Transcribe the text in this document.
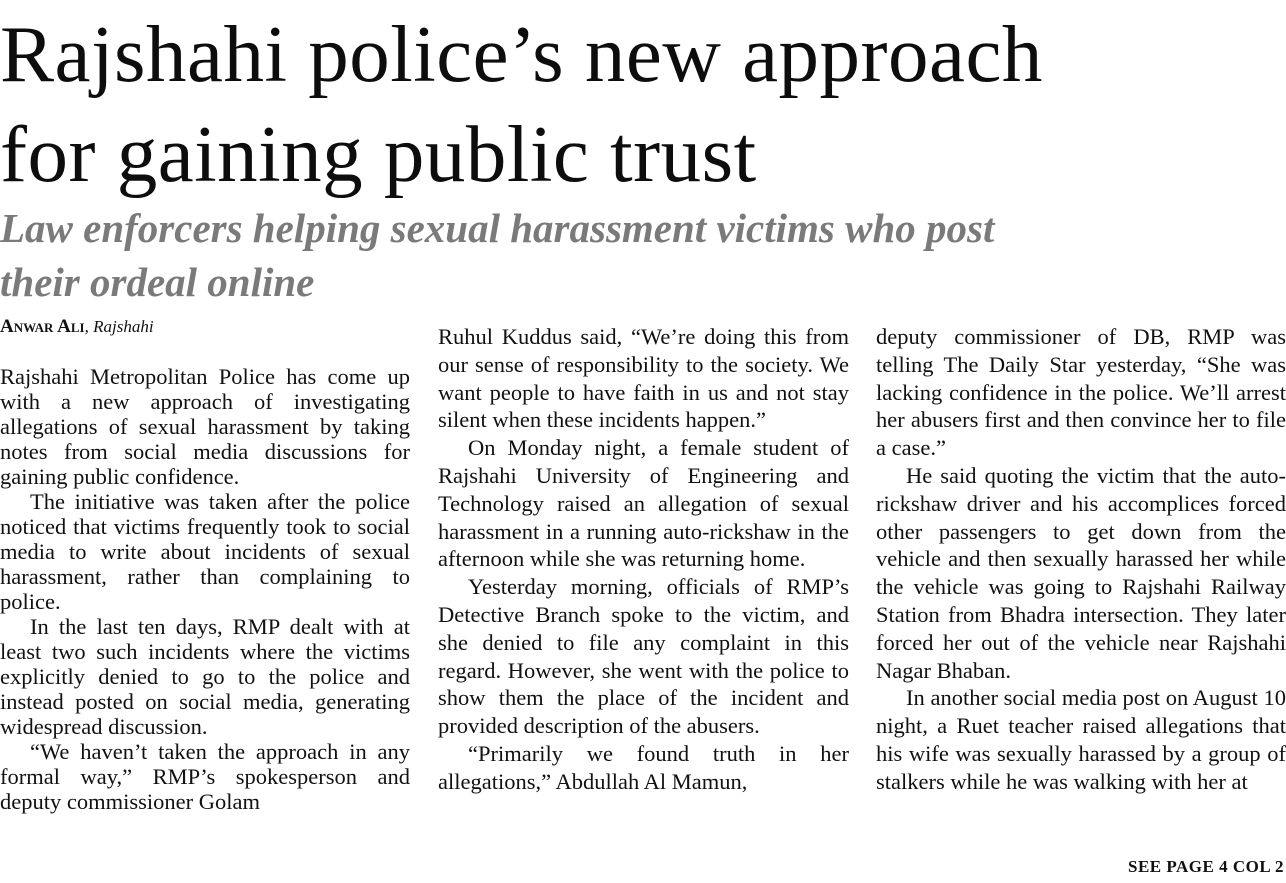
Rajshahi police’s new approach
for gaining public trust
Law enforcers helping sexual harassment victims who post
their ordeal online
Anwar Ali, Rajshahi

Rajshahi Metropolitan Police has come up with a new approach of investigating allegations of sexual harassment by taking notes from social media discussions for gaining public confidence.

The initiative was taken after the police noticed that victims frequently took to social media to write about incidents of sexual harassment, rather than complaining to police.

In the last ten days, RMP dealt with at least two such incidents where the victims explicitly denied to go to the police and instead posted on social media, generating widespread discussion.

“We haven’t taken the approach in any formal way,” RMP’s spokesperson and deputy commissioner Golam

Ruhul Kuddus said, “We’re doing this from our sense of responsibility to the society. We want people to have faith in us and not stay silent when these incidents happen.”

On Monday night, a female student of Rajshahi University of Engineering and Technology raised an allegation of sexual harassment in a running auto-rickshaw in the afternoon while she was returning home.

Yesterday morning, officials of RMP’s Detective Branch spoke to the victim, and she denied to file any complaint in this regard. However, she went with the police to show them the place of the incident and provided description of the abusers.

“Primarily we found truth in her allegations,” Abdullah Al Mamun,

deputy commissioner of DB, RMP was telling The Daily Star yesterday, “She was lacking confidence in the police. We’ll arrest her abusers first and then convince her to file a case.”

He said quoting the victim that the auto-rickshaw driver and his accomplices forced other passengers to get down from the vehicle and then sexually harassed her while the vehicle was going to Rajshahi Railway Station from Bhadra intersection. They later forced her out of the vehicle near Rajshahi Nagar Bhaban.

In another social media post on August 10 night, a Ruet teacher raised allegations that his wife was sexually harassed by a group of stalkers while he was walking with her at

SEE PAGE 4 COL 2
